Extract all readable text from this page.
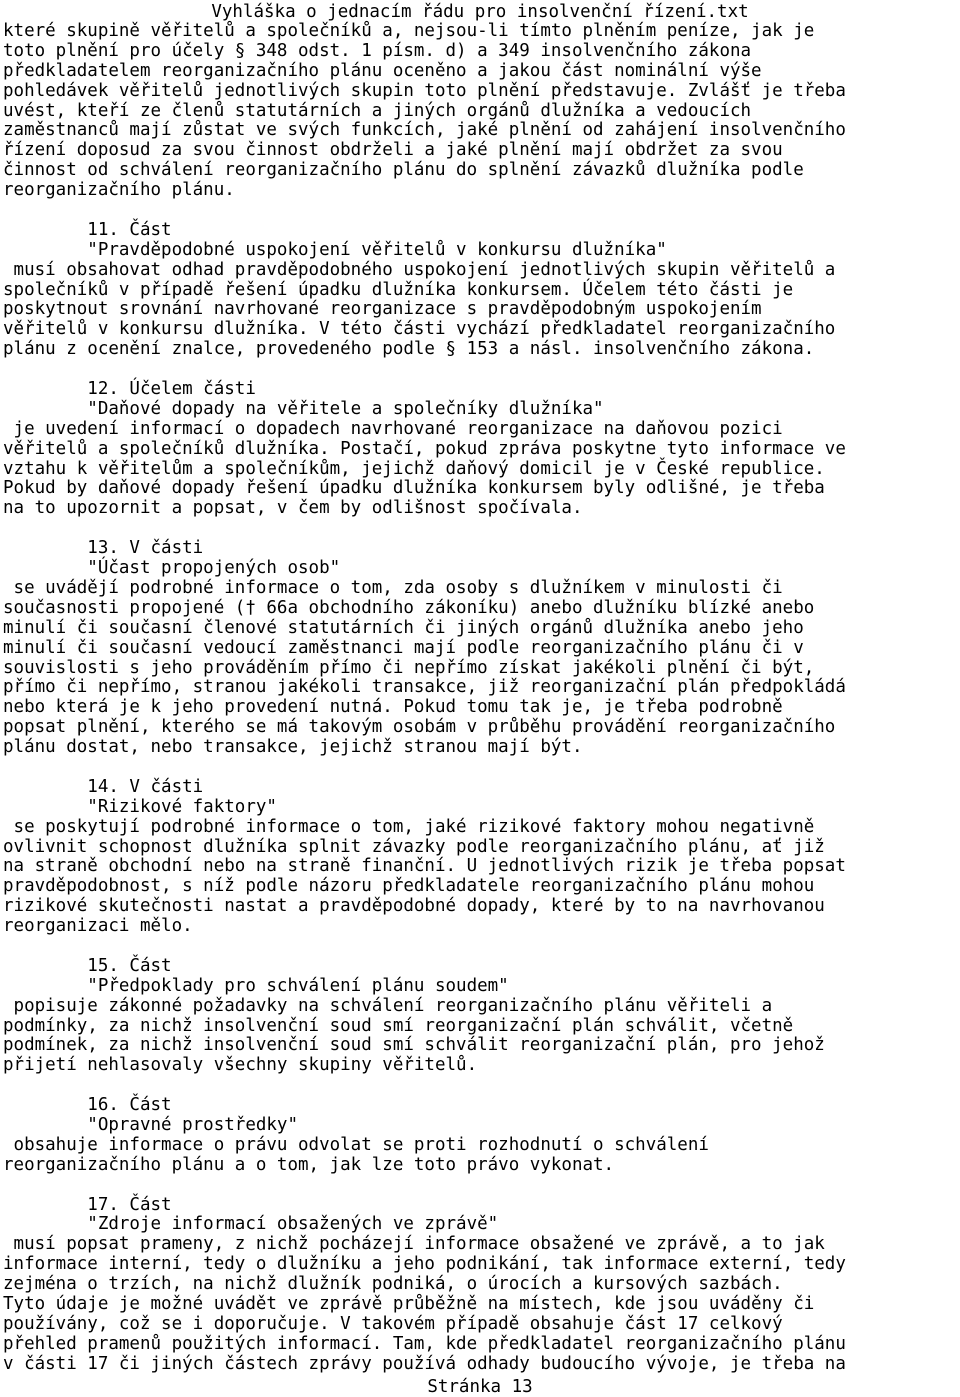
Vyhláška o jednacím řádu pro insolvenční řízení.txt
které skupině věřitelů a společníků a, nejsou-li tímto plněním peníze, jak je
toto plnění pro účely § 348 odst. 1 písm. d) a 349 insolvenčního zákona
předkladatelem reorganizačního plánu oceněno a jakou část nominální výše
pohledávek věřitelů jednotlivých skupin toto plnění představuje. Zvlášť je třeba
uvést, kteří ze členů statutárních a jiných orgánů dlužníka a vedoucích
zaměstnanců mají zůstat ve svých funkcích, jaké plnění od zahájení insolvenčního
řízení doposud za svou činnost obdrželi a jaké plnění mají obdržet za svou
činnost od schválení reorganizačního plánu do splnění závazků dlužníka podle
reorganizačního plánu.
11. Část
"Pravděpodobné uspokojení věřitelů v konkursu dlužníka"
musí obsahovat odhad pravděpodobného uspokojení jednotlivých skupin věřitelů a
společníků v případě řešení úpadku dlužníka konkursem. Účelem této části je
poskytnout srovnání navrhované reorganizace s pravděpodobným uspokojením
věřitelů v konkursu dlužníka. V této části vychází předkladatel reorganizačního
plánu z ocenění znalce, provedeného podle § 153 a násl. insolvenčního zákona.
12. Účelem části
"Daňové dopady na věřitele a společníky dlužníka"
je uvedení informací o dopadech navrhované reorganizace na daňovou pozici
věřitelů a společníků dlužníka. Postačí, pokud zpráva poskytne tyto informace ve
vztahu k věřitelům a společníkům, jejichž daňový domicil je v České republice.
Pokud by daňové dopady řešení úpadku dlužníka konkursem byly odlišné, je třeba
na to upozornit a popsat, v čem by odlišnost spočívala.
13. V části
"Účast propojených osob"
se uvádějí podrobné informace o tom, zda osoby s dlužníkem v minulosti či
současnosti propojené († 66a obchodního zákoníku) anebo dlužníku blízké anebo
minulí či současní členové statutárních či jiných orgánů dlužníka anebo jeho
minulí či současní vedoucí zaměstnanci mají podle reorganizačního plánu či v
souvislosti s jeho prováděním přímo či nepřímo získat jakékoli plnění či být,
přímo či nepřímo, stranou jakékoli transakce, již reorganizační plán předpokládá
nebo která je k jeho provedení nutná. Pokud tomu tak je, je třeba podrobně
popsat plnění, kterého se má takovým osobám v průběhu provádění reorganizačního
plánu dostat, nebo transakce, jejichž stranou mají být.
14. V části
"Rizikové faktory"
se poskytují podrobné informace o tom, jaké rizikové faktory mohou negativně
ovlivnit schopnost dlužníka splnit závazky podle reorganizačního plánu, ať již
na straně obchodní nebo na straně finanční. U jednotlivých rizik je třeba popsat
pravděpodobnost, s níž podle názoru předkladatele reorganizačního plánu mohou
rizikové skutečnosti nastat a pravděpodobné dopady, které by to na navrhovanou
reorganizaci mělo.
15. Část
"Předpoklady pro schválení plánu soudem"
popisuje zákonné požadavky na schválení reorganizačního plánu věřiteli a
podmínky, za nichž insolvenční soud smí reorganizační plán schválit, včetně
podmínek, za nichž insolvenční soud smí schválit reorganizační plán, pro jehož
přijetí nehlasovaly všechny skupiny věřitelů.
16. Část
"Opravné prostředky"
obsahuje informace o právu odvolat se proti rozhodnutí o schválení
reorganizačního plánu a o tom, jak lze toto právo vykonat.
17. Část
"Zdroje informací obsažených ve zprávě"
musí popsat prameny, z nichž pocházejí informace obsažené ve zprávě, a to jak
informace interní, tedy o dlužníku a jeho podnikání, tak informace externí, tedy
zejména o trzích, na nichž dlužník podniká, o úrocích a kursových sazbách.
Tyto údaje je možné uvádět ve zprávě průběžně na místech, kde jsou uváděny či
používány, což se i doporučuje. V takovém případě obsahuje část 17 celkový
přehled pramenů použitých informací. Tam, kde předkladatel reorganizačního plánu
v části 17 či jiných částech zprávy používá odhady budoucího vývoje, je třeba na
Stránka 13
